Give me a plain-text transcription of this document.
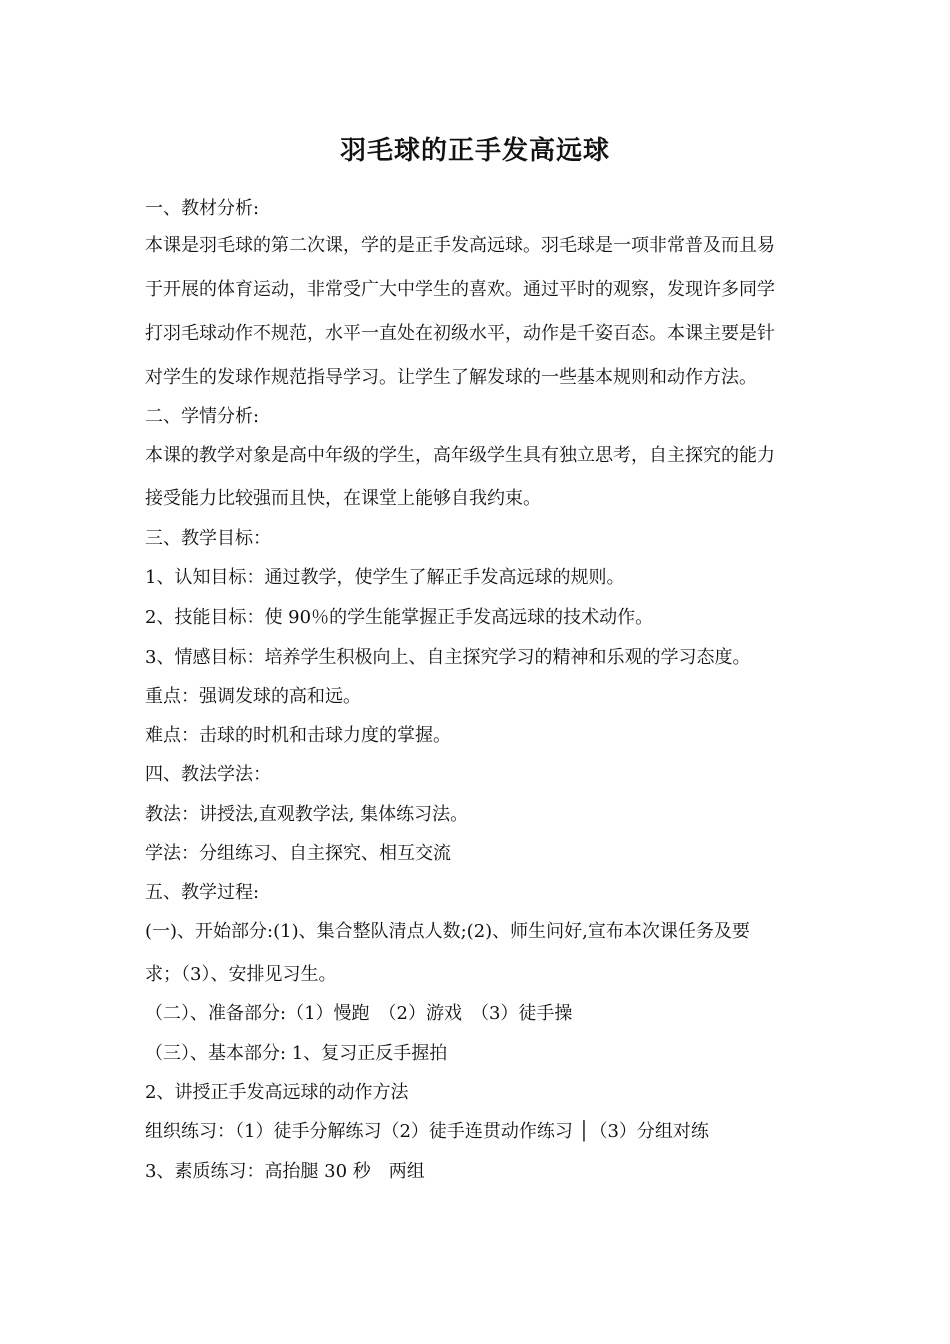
羽毛球的正手发高远球
一、教材分析:
本课是羽毛球的第二次课，学的是正手发高远球。羽毛球是一项非常普及而且易
于开展的体育运动，非常受广大中学生的喜欢。通过平时的观察，发现许多同学
打羽毛球动作不规范，水平一直处在初级水平，动作是千姿百态。本课主要是针
对学生的发球作规范指导学习。让学生了解发球的一些基本规则和动作方法。
二、学情分析:
本课的教学对象是高中年级的学生，高年级学生具有独立思考，自主探究的能力
接受能力比较强而且快，在课堂上能够自我约束。
三、教学目标：
1、认知目标：通过教学，使学生了解正手发高远球的规则。
2、技能目标：使 90％的学生能掌握正手发高远球的技术动作。
3、情感目标：培养学生积极向上、自主探究学习的精神和乐观的学习态度。
重点：强调发球的高和远。
难点：击球的时机和击球力度的掌握。
四、教法学法：
教法：讲授法,直观教学法, 集体练习法。
学法：分组练习、自主探究、相互交流
五、教学过程:
(一)、开始部分:(1)、集合整队清点人数;(2)、师生问好,宣布本次课任务及要
求；（3）、安排见习生。
（二）、准备部分:（1）慢跑　（2）游戏　（3）徒手操
（三）、基本部分: 1、复习正反手握拍
2、讲授正手发高远球的动作方法
组织练习：（1）徒手分解练习（2）徒手连贯动作练习 │（3）分组对练
3、素质练习：高抬腿 30 秒　两组
